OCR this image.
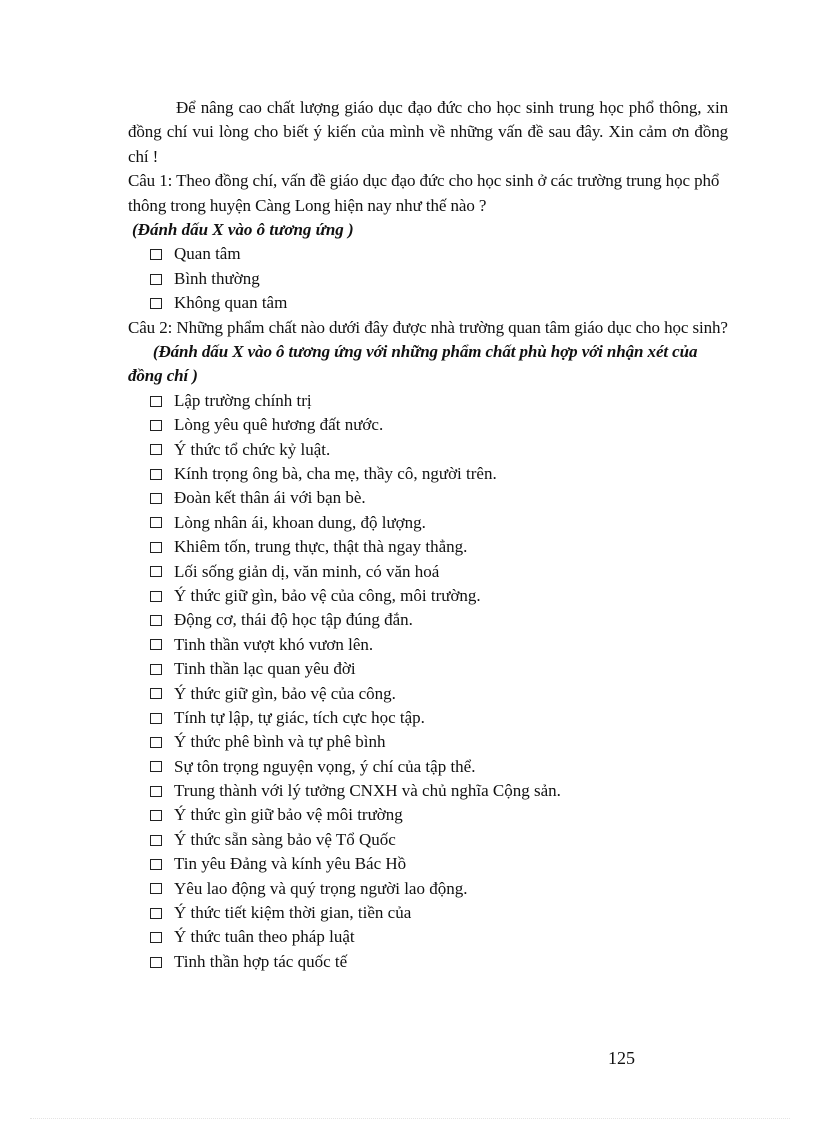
Để nâng cao chất lượng giáo dục đạo đức cho học sinh trung học phổ thông, xin đồng chí vui lòng cho biết ý kiến của mình về những vấn đề sau đây. Xin cảm ơn đồng chí !

Câu 1: Theo đồng chí, vấn đề giáo dục đạo đức cho học sinh ở các trường trung học phổ thông trong huyện Càng Long hiện nay như thế nào ?

(Đánh dấu X vào ô tương ứng )

Quan tâm
Bình thường
Không quan tâm

Câu 2: Những phẩm chất nào dưới đây được nhà trường quan tâm giáo dục cho học sinh?       (Đánh dấu X vào ô tương ứng với những phẩm chất phù hợp với nhận xét của đồng chí )

Lập trường chính trị
Lòng yêu quê hương đất nước.
Ý thức tổ chức kỷ luật.
Kính trọng ông bà, cha mẹ, thầy cô, người trên.
Đoàn kết thân ái với bạn bè.
Lòng nhân ái, khoan dung, độ lượng.
Khiêm tốn, trung thực, thật thà ngay thẳng.
Lối sống giản dị, văn minh, có văn hoá
Ý thức giữ gìn, bảo vệ của công, môi trường.
Động cơ, thái độ học tập đúng đắn.
Tinh thần vượt khó vươn lên.
Tinh thần lạc quan yêu đời
Ý thức giữ gìn, bảo vệ của công.
Tính tự lập, tự giác, tích cực học tập.
Ý thức phê bình và tự phê bình
Sự tôn trọng nguyện vọng, ý chí của tập thể.
Trung thành với lý tưởng CNXH và chủ nghĩa Cộng sản.
Ý thức gìn giữ bảo vệ môi trường
Ý thức sẵn sàng bảo vệ Tổ Quốc
Tin yêu Đảng và kính yêu Bác Hồ
Yêu lao động và quý trọng người lao động.
Ý thức tiết kiệm thời gian, tiền của
Ý thức tuân theo pháp luật
Tinh thần hợp tác quốc tế
125
